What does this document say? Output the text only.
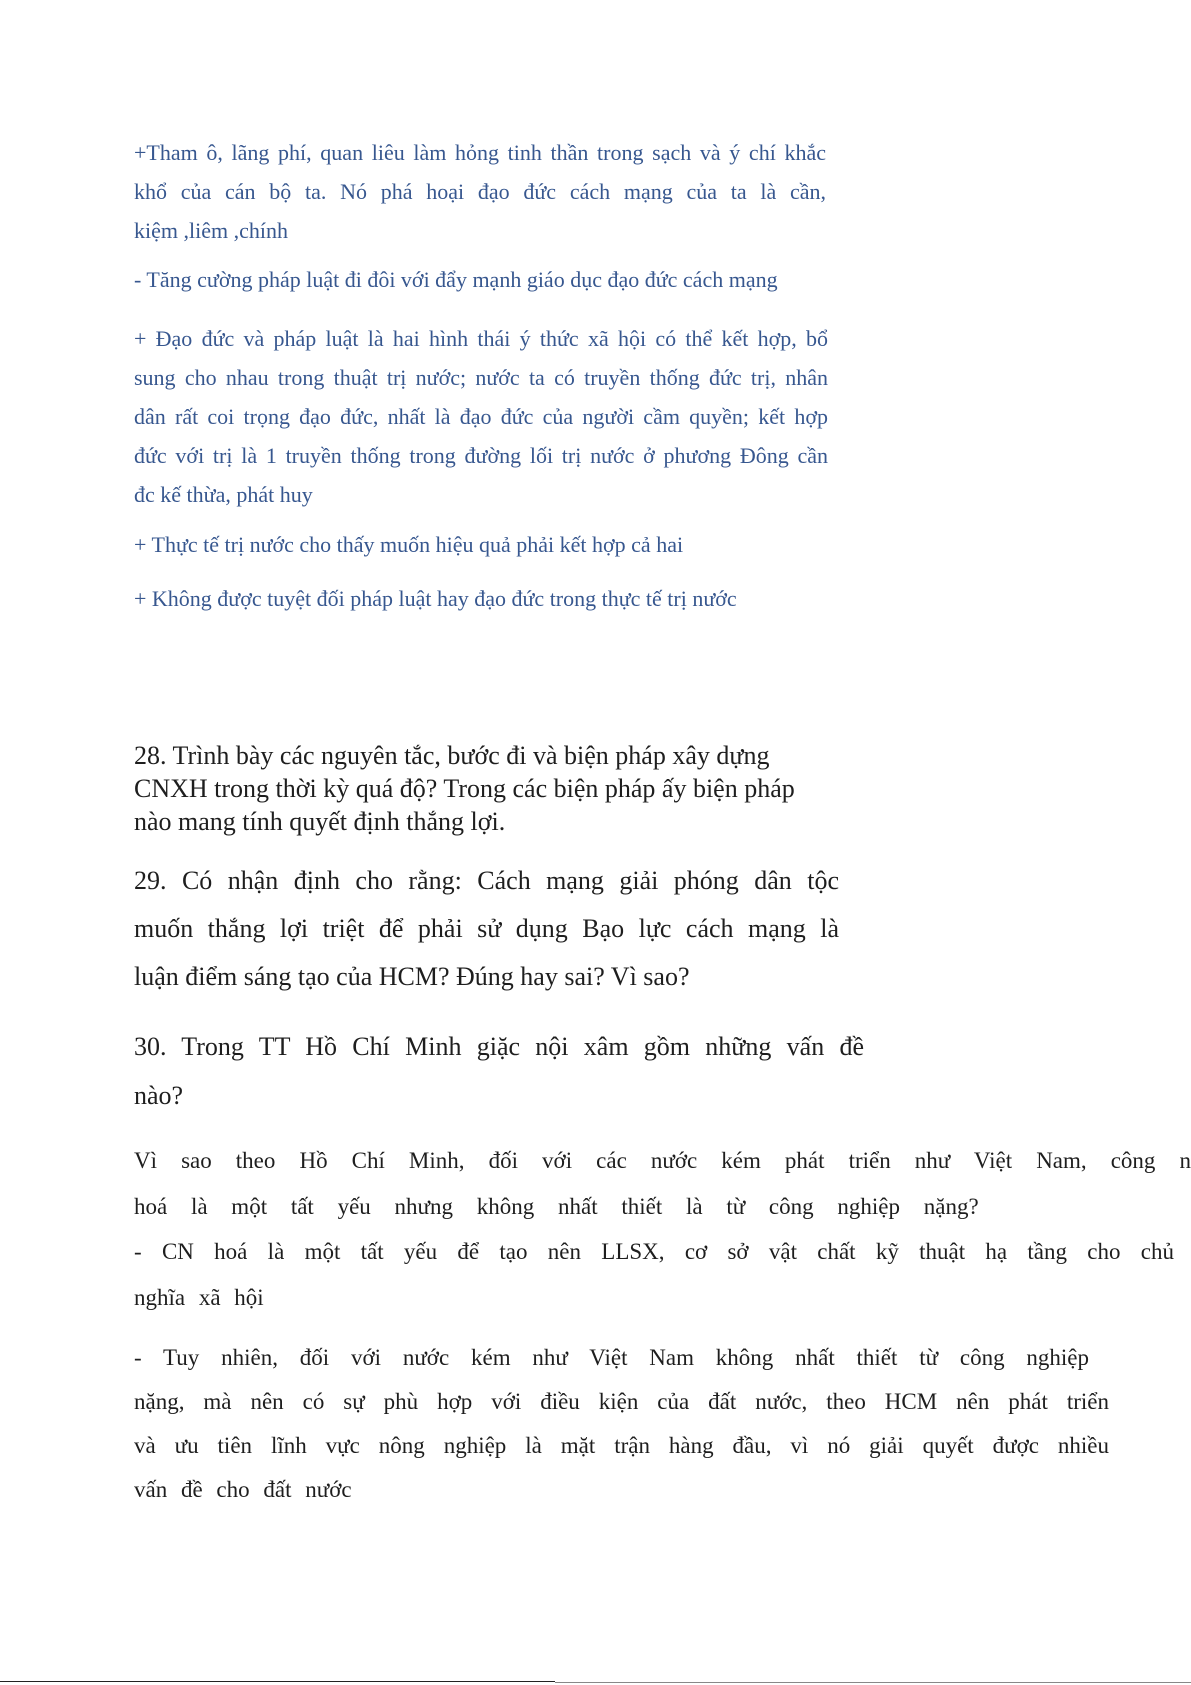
+Tham ô, lãng phí, quan liêu làm hỏng tinh thần trong sạch và ý chí khắc
khổ của cán bộ ta. Nó phá hoại đạo đức cách mạng của ta là cần,
kiệm ,liêm ,chính
- Tăng cường pháp luật đi đôi với đẩy mạnh giáo dục đạo đức cách mạng
+ Đạo đức và pháp luật là hai hình thái ý thức xã hội có thể kết hợp, bổ
sung cho nhau trong thuật trị nước; nước ta có truyền thống đức trị, nhân
dân rất coi trọng đạo đức, nhất là đạo đức của người cầm quyền; kết hợp
đức với trị là 1 truyền thống trong đường lối trị nước ở phương Đông cần
đc kế thừa, phát huy
+ Thực tế trị nước cho thấy muốn hiệu quả phải kết hợp cả hai
+ Không được tuyệt đối pháp luật hay đạo đức trong thực tế trị nước
28. Trình bày các nguyên tắc, bước đi và biện pháp xây dựng
CNXH trong thời kỳ quá độ? Trong các biện pháp ấy biện pháp
nào mang tính quyết định thắng lợi.
29. Có nhận định cho rằng: Cách mạng giải phóng dân tộc
muốn thắng lợi triệt để phải sử dụng Bạo lực cách mạng là
luận điểm sáng tạo của HCM? Đúng hay sai? Vì sao?
30. Trong TT Hồ Chí Minh giặc nội xâm gồm những vấn đề
nào?
Vì sao theo Hồ Chí Minh, đối với các nước kém phát triển như Việt Nam, công n
hoá là một tất yếu nhưng không nhất thiết là từ công nghiệp nặng?
- CN hoá là một tất yếu để tạo nên LLSX, cơ sở vật chất kỹ thuật hạ tầng cho chủ
nghĩa xã hội
- Tuy nhiên, đối với nước kém như Việt Nam không nhất thiết từ công nghiệp
nặng, mà nên có sự phù hợp với điều kiện của đất nước, theo HCM nên phát triển
và ưu tiên lĩnh vực nông nghiệp là mặt trận hàng đầu, vì nó giải quyết được nhiều
vấn đề cho đất nước
